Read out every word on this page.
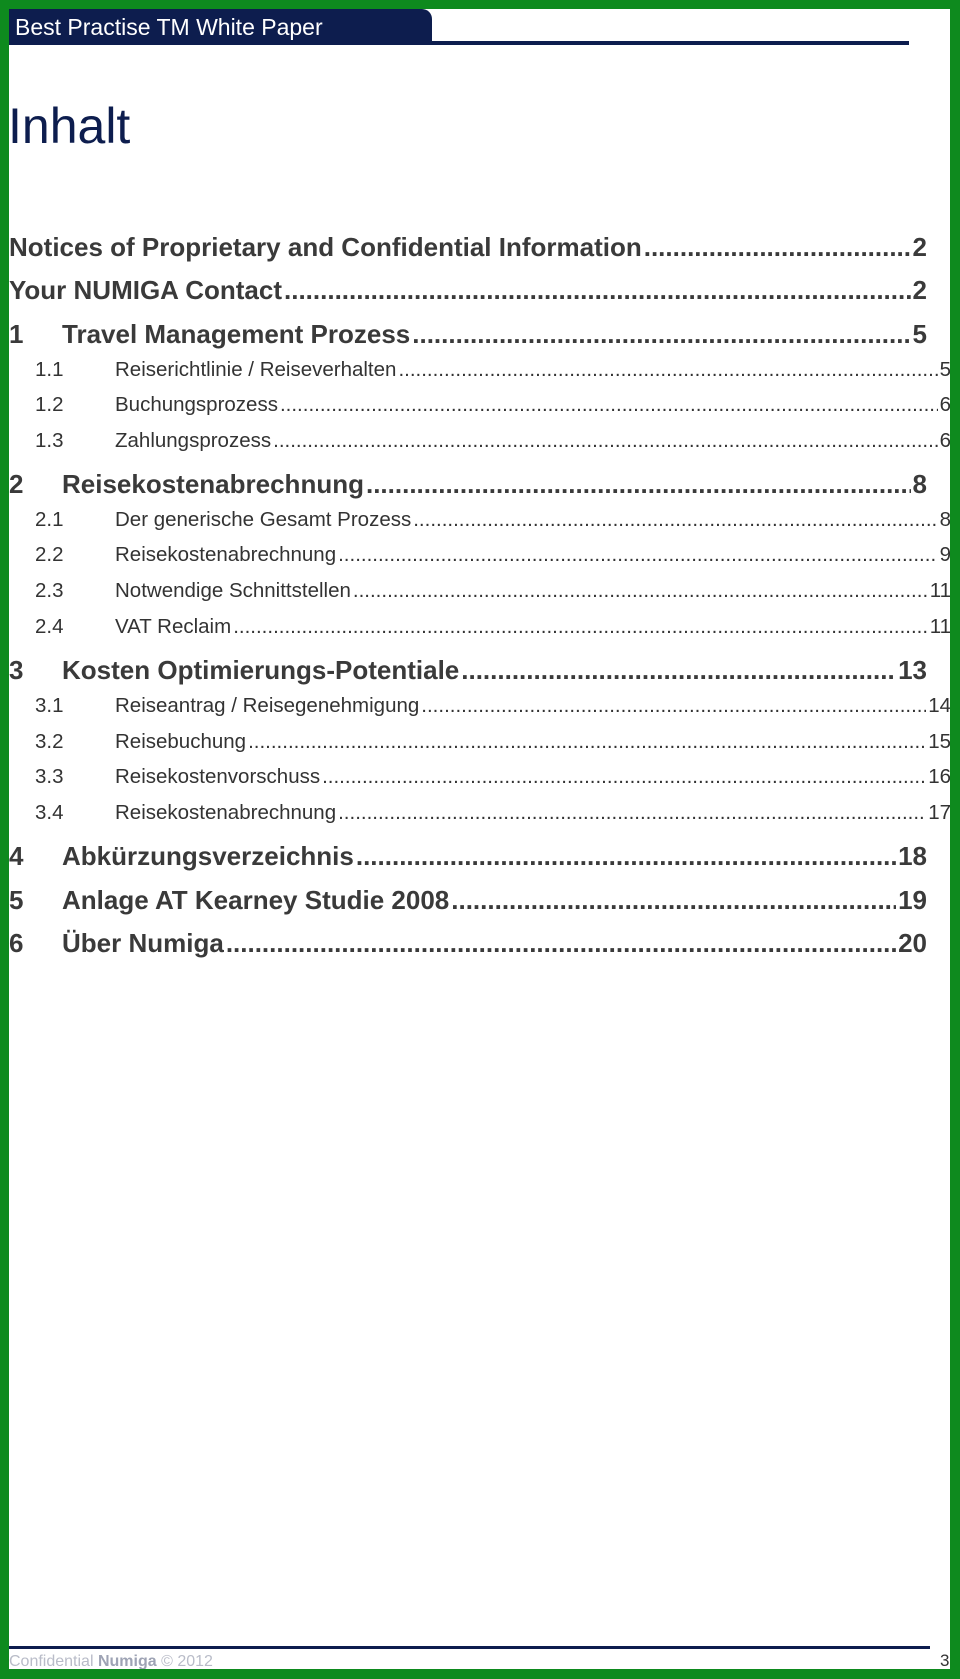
Best Practise TM White Paper
Inhalt
Notices of Proprietary and Confidential Information .....	2
Your NUMIGA Contact .....	2
1	Travel Management Prozess .....	5
1.1	Reiserichtlinie / Reiseverhalten .....	5
1.2	Buchungsprozess .....	6
1.3	Zahlungsprozess .....	6
2	Reisekostenabrechnung .....	8
2.1	Der generische Gesamt Prozess .....	8
2.2	Reisekostenabrechnung .....	9
2.3	Notwendige Schnittstellen .....	11
2.4	VAT Reclaim .....	11
3	Kosten Optimierungs-Potentiale .....	13
3.1	Reiseantrag / Reisegenehmigung .....	14
3.2	Reisebuchung .....	15
3.3	Reisekostenvorschuss .....	16
3.4	Reisekostenabrechnung .....	17
4	Abkürzungsverzeichnis .....	18
5	Anlage AT Kearney Studie 2008 .....	19
6	Über Numiga .....	20
Confidential Numiga © 2012	3
